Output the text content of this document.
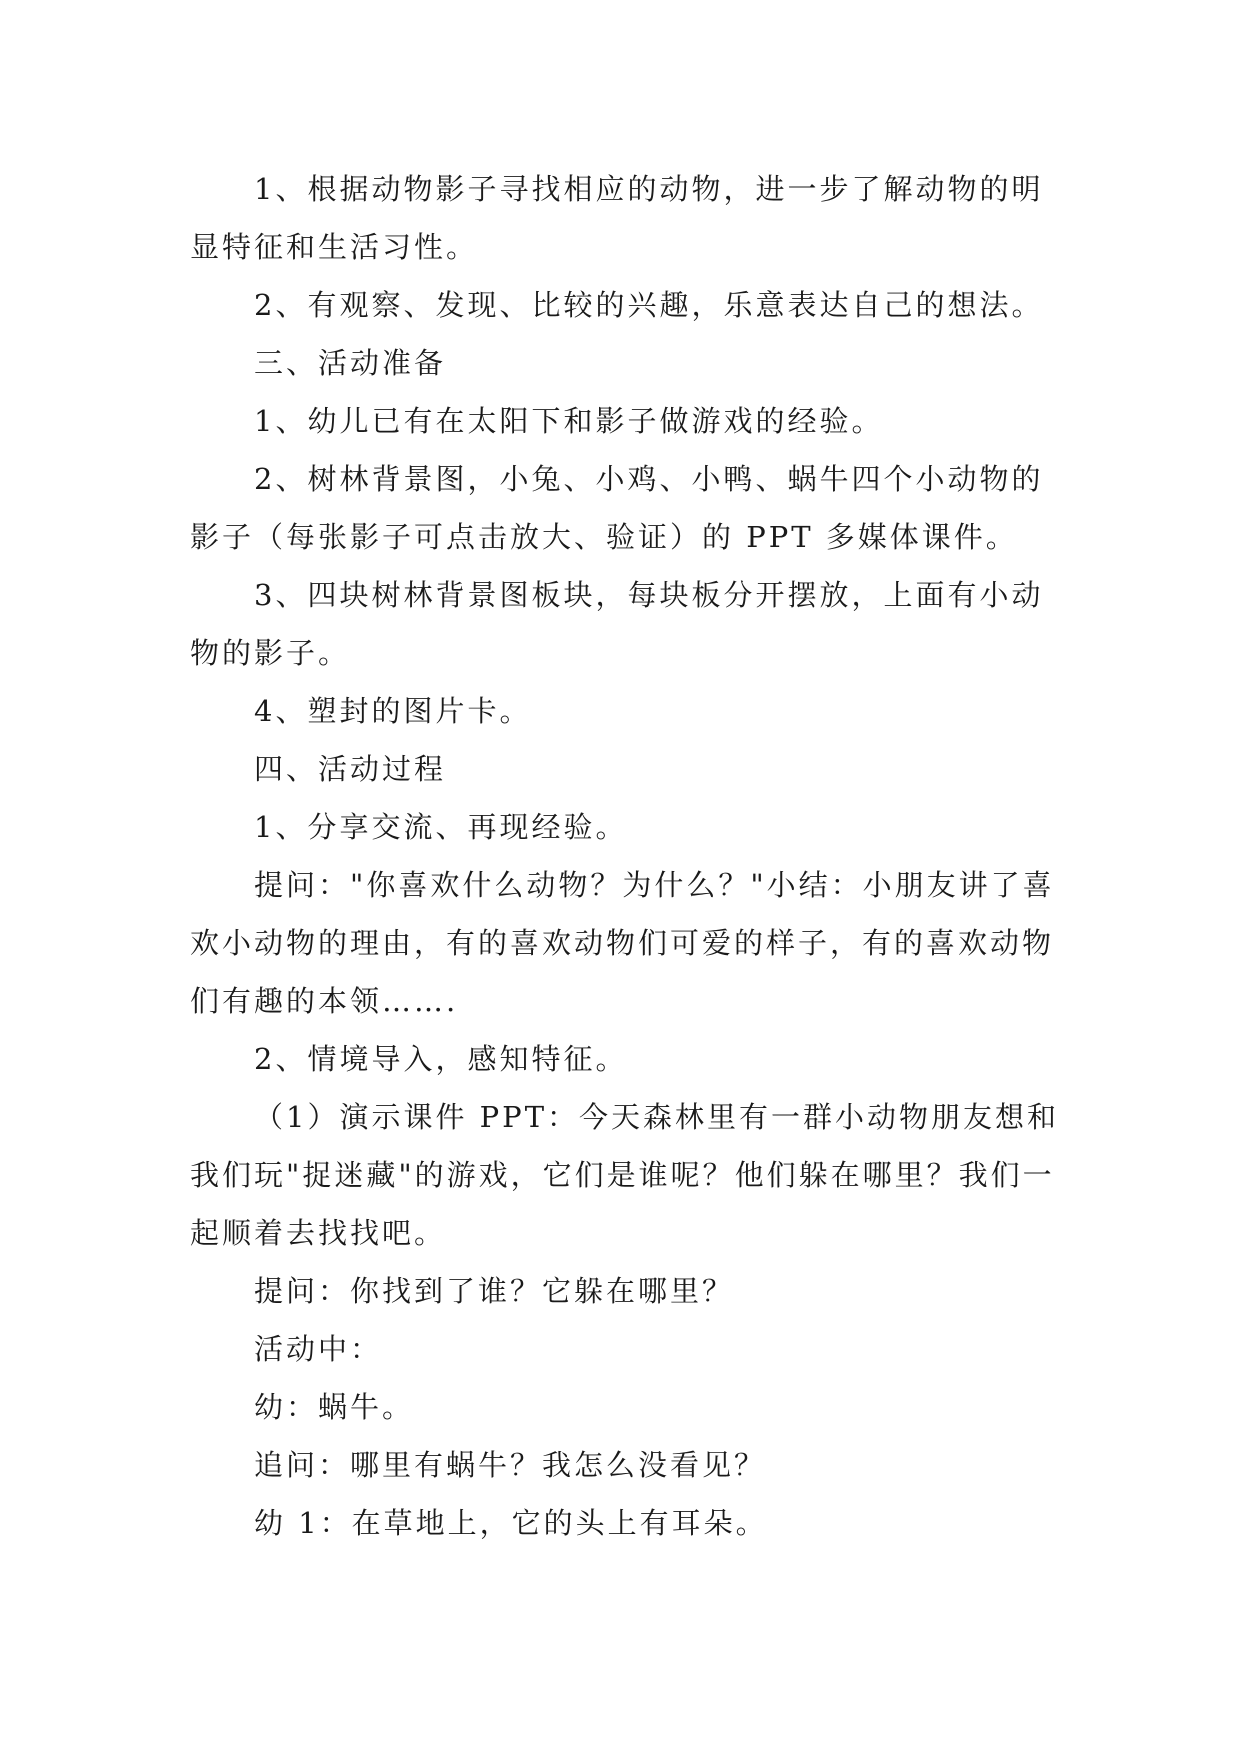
1、根据动物影子寻找相应的动物，进一步了解动物的明显特征和生活习性。

2、有观察、发现、比较的兴趣，乐意表达自己的想法。

三、活动准备

1、幼儿已有在太阳下和影子做游戏的经验。

2、树林背景图，小兔、小鸡、小鸭、蜗牛四个小动物的影子（每张影子可点击放大、验证）的 PPT 多媒体课件。

3、四块树林背景图板块，每块板分开摆放，上面有小动物的影子。

4、塑封的图片卡。

四、活动过程

1、分享交流、再现经验。

提问："你喜欢什么动物？为什么？"小结：小朋友讲了喜欢小动物的理由，有的喜欢动物们可爱的样子，有的喜欢动物们有趣的本领…….

2、情境导入，感知特征。

（1）演示课件 PPT：今天森林里有一群小动物朋友想和我们玩"捉迷藏"的游戏，它们是谁呢？他们躲在哪里？我们一起顺着去找找吧。

提问：你找到了谁？它躲在哪里？

活动中：

幼：蜗牛。

追问：哪里有蜗牛？我怎么没看见？

幼 1：在草地上，它的头上有耳朵。
